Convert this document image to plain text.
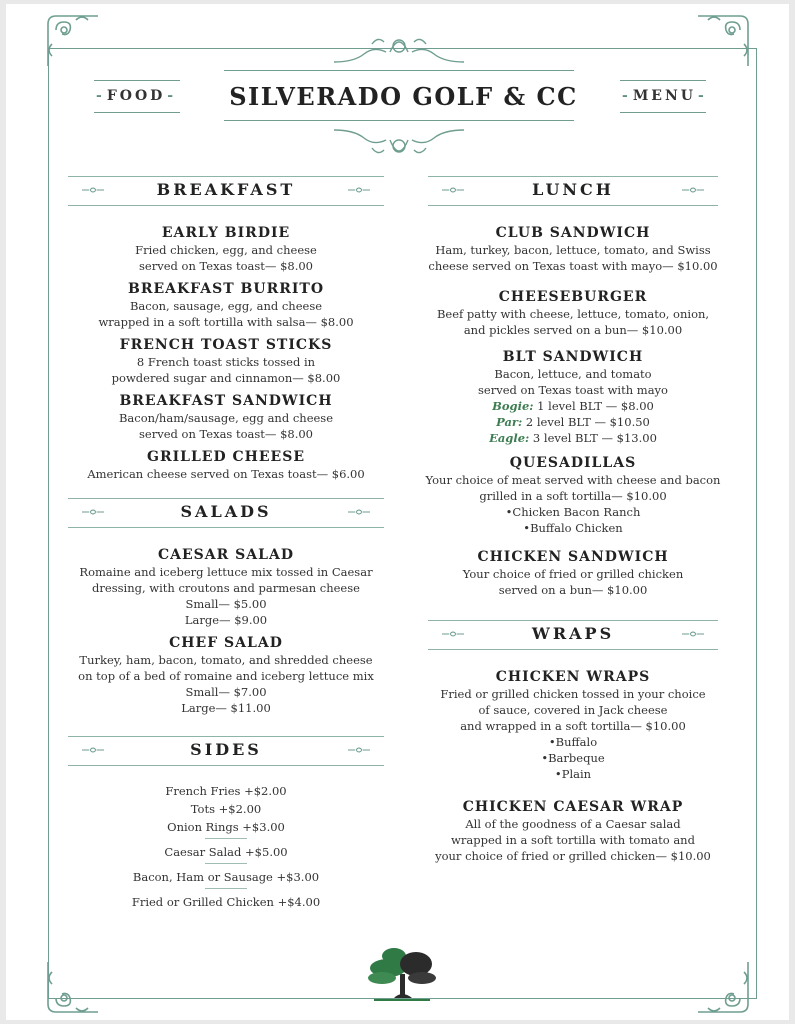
- FOOD -	SILVERADO GOLF & CC
-	MENU -
BREAKFAST
EARLY BIRDIE
Fried chicken, egg, and cheese
served on Texas toast— $8.00
BREAKFAST BURRITO
Bacon, sausage, egg, and cheese
wrapped in a soft tortilla with salsa— $8.00
FRENCH TOAST STICKS
8 French toast sticks tossed in
powdered sugar and cinnamon— $8.00
BREAKFAST SANDWICH
Bacon/ham/sausage, egg and cheese
served on Texas toast— $8.00
GRILLED CHEESE
American cheese served on Texas toast— $6.00
SALADS
CAESAR SALAD
Romaine and iceberg lettuce mix tossed in Caesar
dressing, with croutons and parmesan cheese
Small— $5.00
Large— $9.00
CHEF SALAD
Turkey, ham, bacon, tomato, and shredded cheese
on top of a bed of romaine and iceberg lettuce mix
Small— $7.00
Large— $11.00
SIDES
French Fries +$2.00
Tots +$2.00
Onion Rings +$3.00
Caesar Salad +$5.00
Bacon, Ham or Sausage +$3.00
Fried or Grilled Chicken +$4.00
LUNCH
CLUB SANDWICH
Ham, turkey, bacon, lettuce, tomato, and Swiss
cheese served on Texas toast with mayo— $10.00
CHEESEBURGER
Beef patty with cheese, lettuce, tomato, onion,
and pickles served on a bun— $10.00
BLT SANDWICH
Bacon, lettuce, and tomato
served on Texas toast with mayo
Bogie: 1 level BLT — $8.00
Par: 2 level BLT — $10.50
Eagle: 3 level BLT — $13.00
QUESADILLAS
Your choice of meat served with cheese and bacon
grilled in a soft tortilla— $10.00
•Chicken Bacon Ranch
•Buffalo Chicken
CHICKEN SANDWICH
Your choice of fried or grilled chicken
served on a bun— $10.00
WRAPS
CHICKEN WRAPS
Fried or grilled chicken tossed in your choice
of sauce, covered in Jack cheese
and wrapped in a soft tortilla— $10.00
•Buffalo
•Barbeque
•Plain
CHICKEN CAESAR WRAP
All of the goodness of a Caesar salad
wrapped in a soft tortilla with tomato and
your choice of fried or grilled chicken— $10.00
